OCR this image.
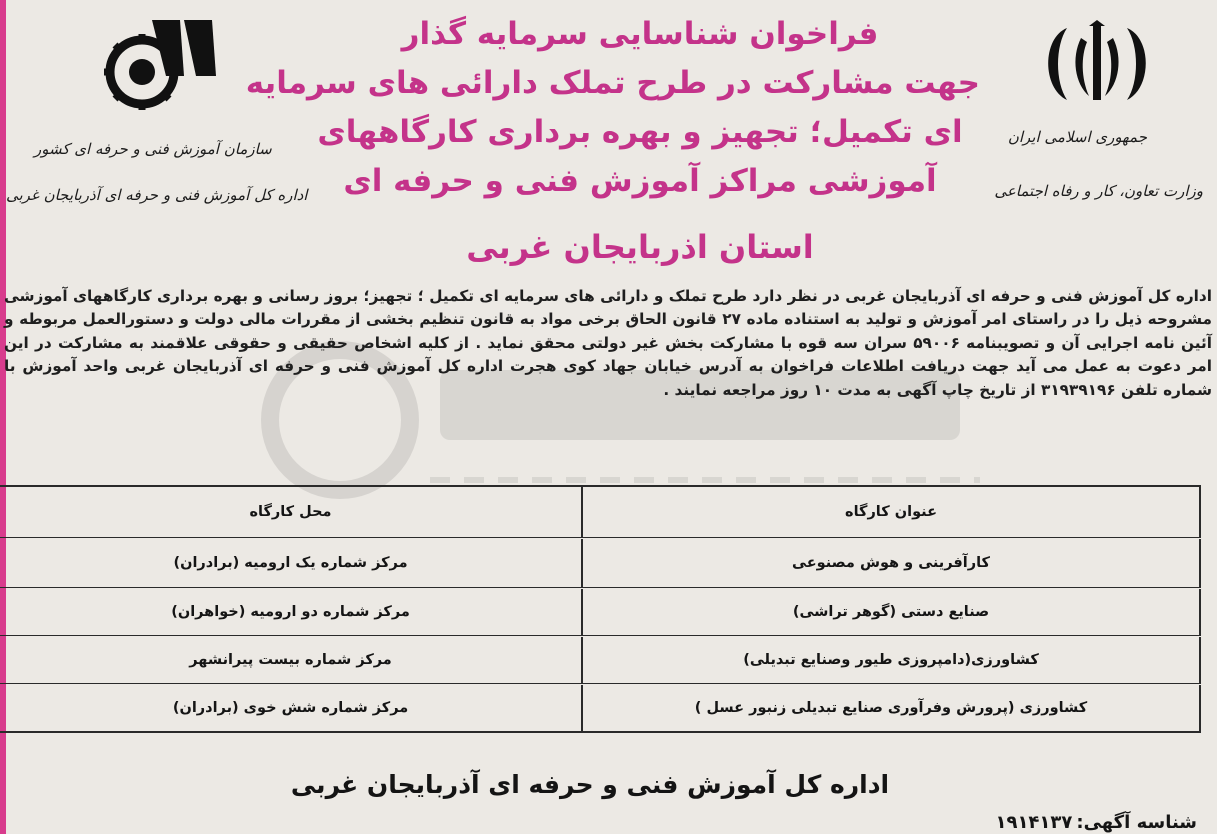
جمهوری اسلامی ایران
وزارت تعاون، کار و رفاه اجتماعی
سازمان آموزش فنی و حرفه ای کشور
اداره کل آموزش فنی و حرفه ای آذربایجان غربی
فراخوان شناسایی سرمایه گذار
جهت مشارکت در طرح تملک دارائی های سرمایه
ای تکمیل؛ تجهیز و بهره برداری کارگاههای
آموزشی مراکز آموزش فنی و حرفه ای
استان اذربایجان غربی
اداره کل آموزش فنی و حرفه ای آذربایجان غربی در نظر دارد طرح تملک و دارائی های سرمایه ای تکمیل ؛ تجهیز؛ بروز رسانی و بهره برداری کارگاههای آموزشی مشروحه ذیل را در راستای امر آموزش و تولید به استناده ماده ۲۷ قانون الحاق برخی مواد به قانون تنظیم بخشی از مقررات مالی دولت و دستورالعمل مربوطه و آئین نامه اجرایی آن و تصویبنامه ۵۹۰۰۶ سران سه قوه با مشارکت بخش غیر دولتی محقق نماید . از کلیه اشخاص حقیقی و حقوقی علاقمند به مشارکت در این امر دعوت به عمل می آید جهت دریافت اطلاعات فراخوان به آدرس خیابان جهاد کوی هجرت اداره کل آموزش فنی و حرفه ای آذربایجان غربی واحد آموزش با شماره تلفن ۳۱۹۳۹۱۹۶ از تاریخ چاپ آگهی به مدت ۱۰ روز مراجعه نمایند .
عنوان کارگاه
محل کارگاه
کارآفرینی و هوش مصنوعی
مرکز شماره یک ارومیه (برادران)
صنایع دستی (گوهر تراشی)
مرکز شماره دو ارومیه (خواهران)
کشاورزی(دامپروزی طیور وصنایع تبدیلی)
مرکز شماره بیست پیرانشهر
کشاورزی (پرورش وفرآوری صنایع تبدیلی زنبور عسل )
مرکز شماره شش خوی (برادران)
اداره کل آموزش فنی و حرفه ای آذربایجان غربی
شناسه آگهی:۱۹۱۴۱۳۷
